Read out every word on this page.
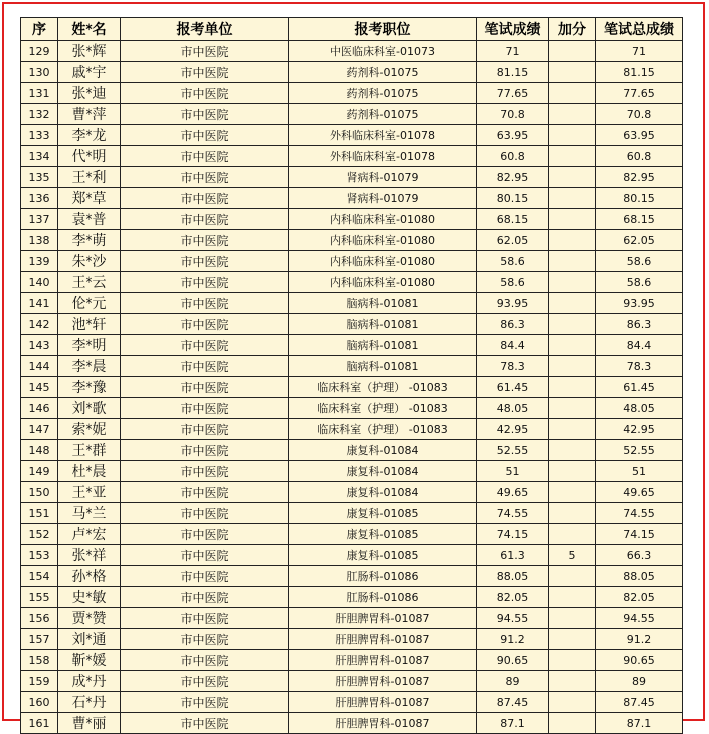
序	姓*名	报考单位	报考职位	笔试成绩	加分	笔试总成绩
129	张*辉	市中医院	中医临床科室-01073	71		71
130	戚*宇	市中医院	药剂科-01075	81.15		81.15
131	张*迪	市中医院	药剂科-01075	77.65		77.65
132	曹*萍	市中医院	药剂科-01075	70.8		70.8
133	李*龙	市中医院	外科临床科室-01078	63.95		63.95
134	代*明	市中医院	外科临床科室-01078	60.8		60.8
135	王*利	市中医院	肾病科-01079	82.95		82.95
136	郑*草	市中医院	肾病科-01079	80.15		80.15
137	袁*普	市中医院	内科临床科室-01080	68.15		68.15
138	李*萌	市中医院	内科临床科室-01080	62.05		62.05
139	朱*沙	市中医院	内科临床科室-01080	58.6		58.6
140	王*云	市中医院	内科临床科室-01080	58.6		58.6
141	伦*元	市中医院	脑病科-01081	93.95		93.95
142	池*轩	市中医院	脑病科-01081	86.3		86.3
143	李*明	市中医院	脑病科-01081	84.4		84.4
144	李*晨	市中医院	脑病科-01081	78.3		78.3
145	李*豫	市中医院	临床科室（护理） -01083	61.45		61.45
146	刘*歌	市中医院	临床科室（护理） -01083	48.05		48.05
147	索*妮	市中医院	临床科室（护理） -01083	42.95		42.95
148	王*群	市中医院	康复科-01084	52.55		52.55
149	杜*晨	市中医院	康复科-01084	51		51
150	王*亚	市中医院	康复科-01084	49.65		49.65
151	马*兰	市中医院	康复科-01085	74.55		74.55
152	卢*宏	市中医院	康复科-01085	74.15		74.15
153	张*祥	市中医院	康复科-01085	61.3	5	66.3
154	孙*格	市中医院	肛肠科-01086	88.05		88.05
155	史*敏	市中医院	肛肠科-01086	82.05		82.05
156	贾*赞	市中医院	肝胆脾胃科-01087	94.55		94.55
157	刘*通	市中医院	肝胆脾胃科-01087	91.2		91.2
158	靳*媛	市中医院	肝胆脾胃科-01087	90.65		90.65
159	成*丹	市中医院	肝胆脾胃科-01087	89		89
160	石*丹	市中医院	肝胆脾胃科-01087	87.45		87.45
161	曹*丽	市中医院	肝胆脾胃科-01087	87.1		87.1
